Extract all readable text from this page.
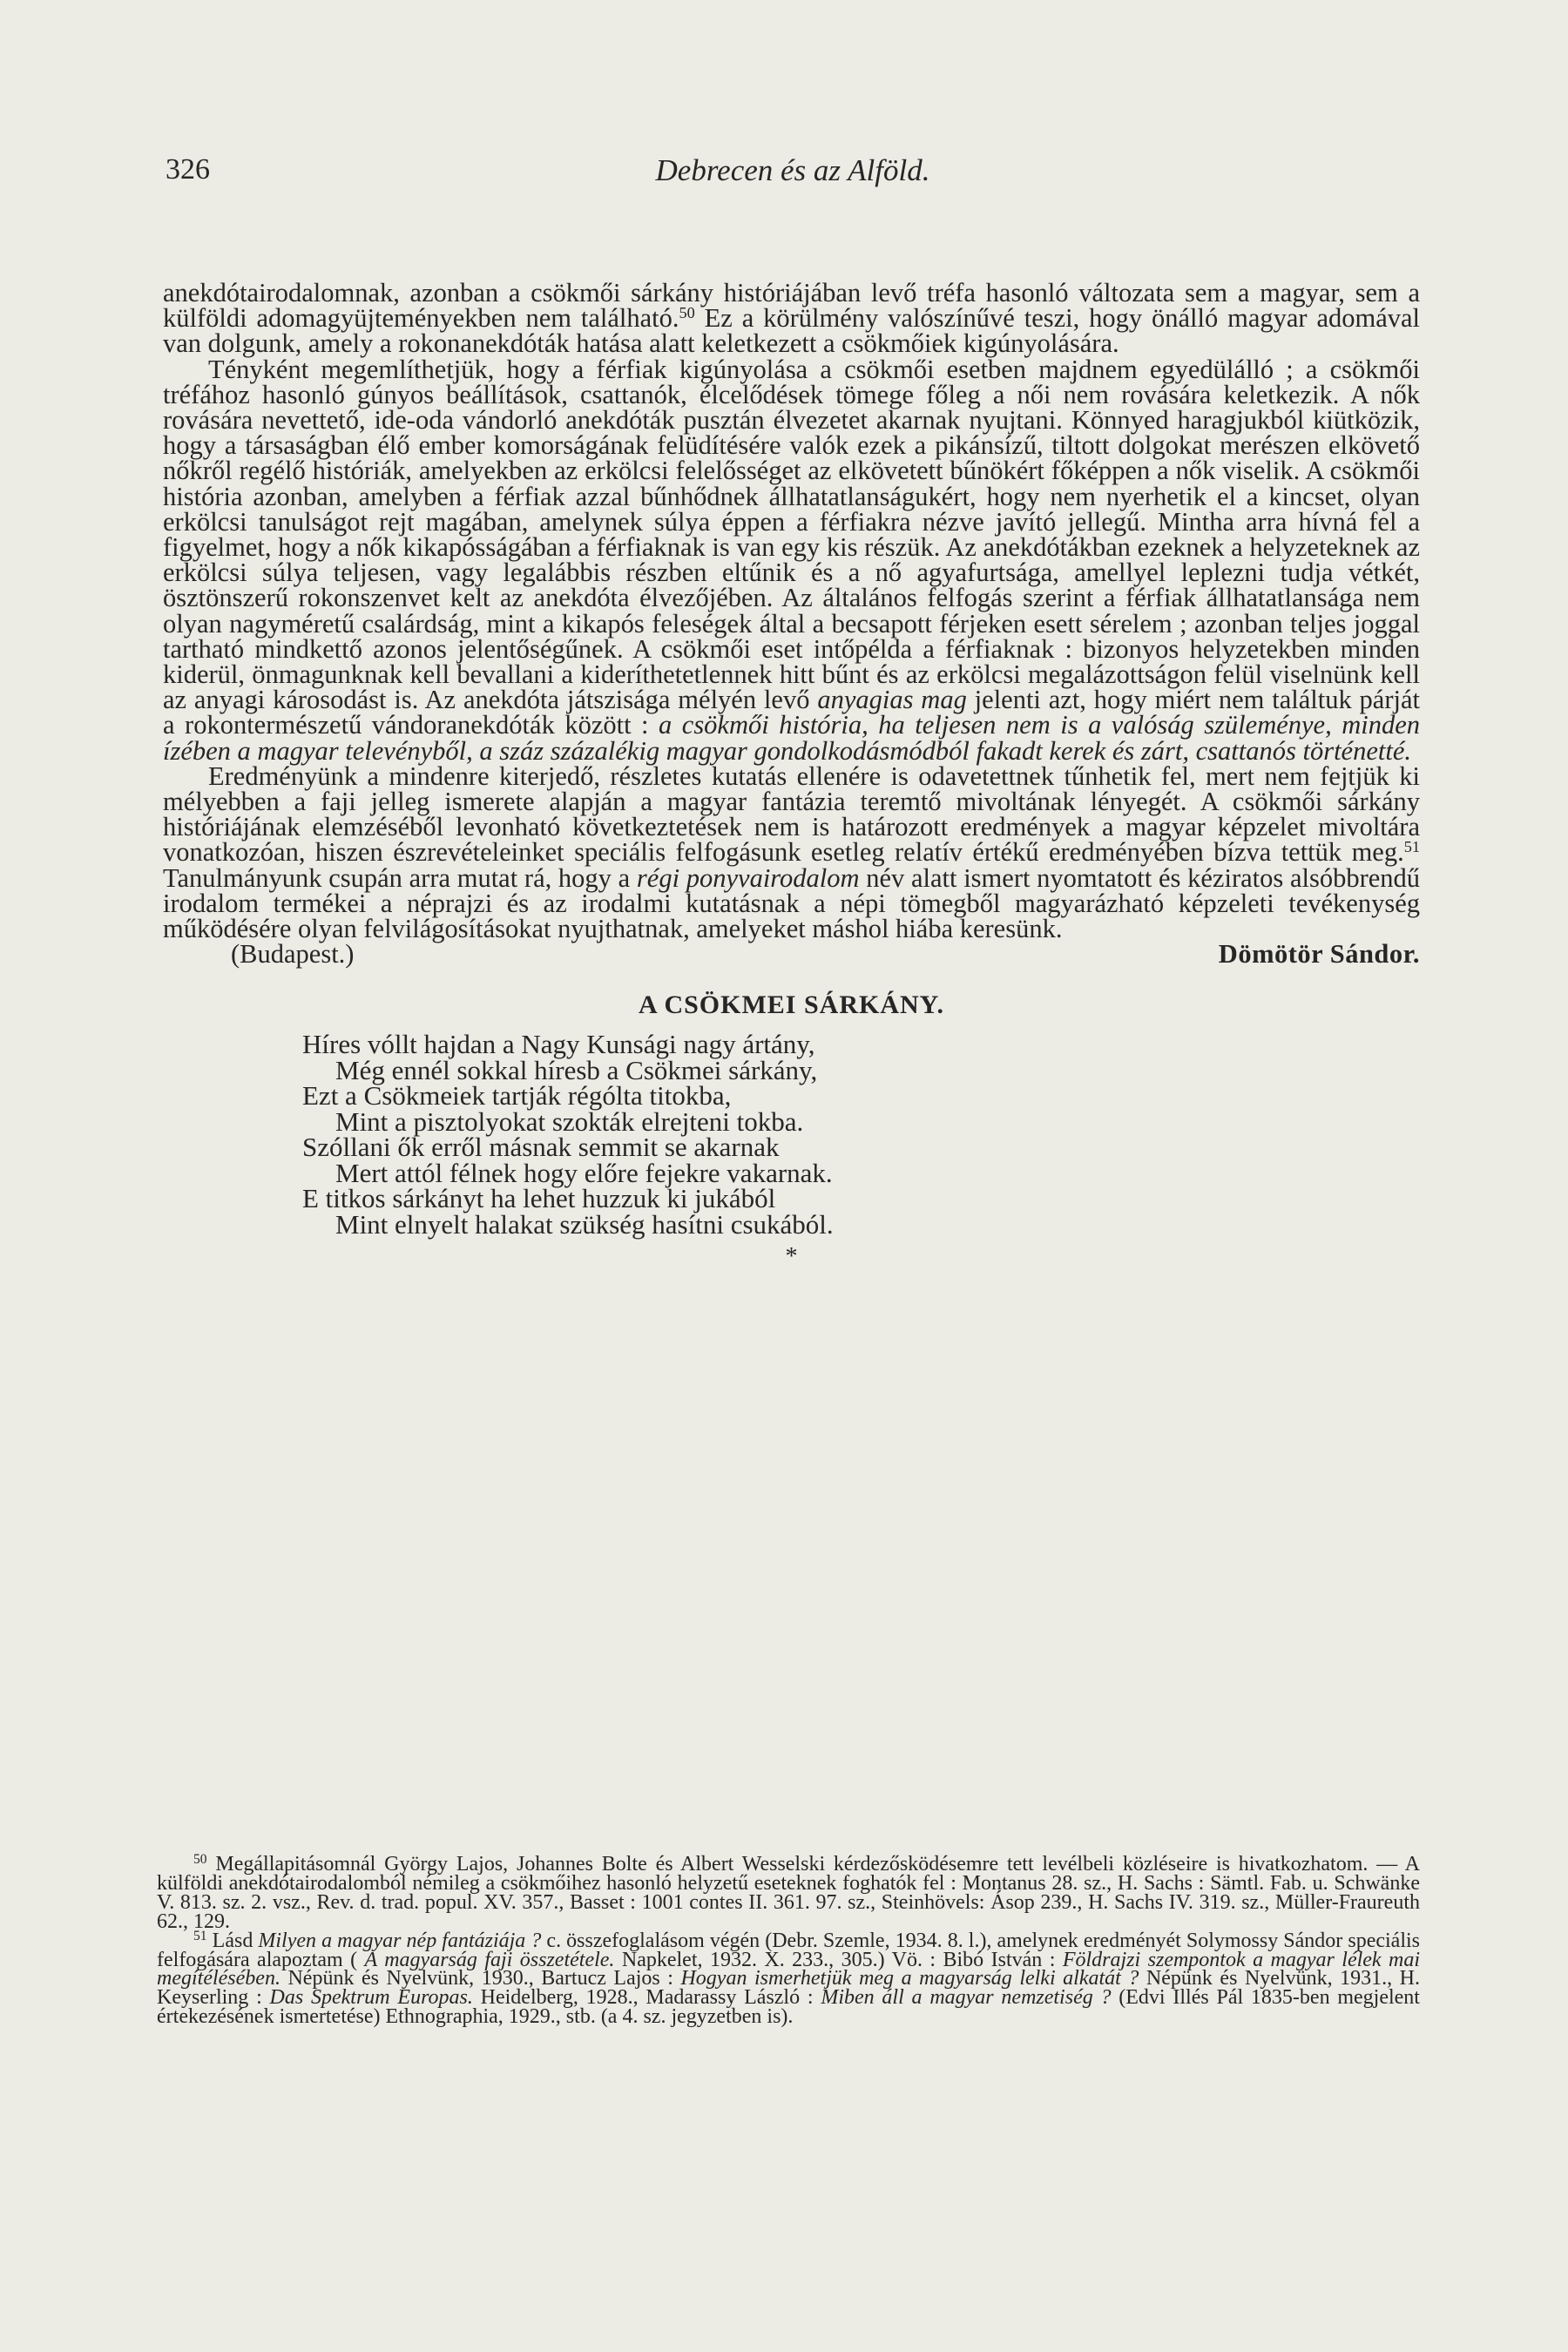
326	Debrecen és az Alföld.

anekdótairodalomnak, azonban a csökmői sárkány históriájában levő tréfa hasonló változata sem a magyar, sem a külföldi adomagyüjteményekben nem található.$^{50}$ Ez a körülmény valószínűvé teszi, hogy önálló magyar adomával van dolgunk, amely a rokonanekdóták hatása alatt keletkezett a csökmőiek kigúnyolására.

Tényként megemlíthetjük, hogy a férfiak kigúnyolása a csökmői esetben majdnem egyedülálló ; a csökmői tréfához hasonló gúnyos beállítások, csattanók, élcelődések tömege főleg a női nem rovására keletkezik. A nők rovására nevettető, ide-oda vándorló anekdóták pusztán élvezetet akarnak nyujtani. Könnyed haragjukból kiütközik, hogy a társaságban élő ember komorságának felüdítésére valók ezek a pikánsízű, tiltott dolgokat merészen elkövető nőkről regélő históriák, amelyekben az erkölcsi felelősséget az elkövetett bűnökért főképpen a nők viselik. A csökmői história azonban, amelyben a férfiak azzal bűnhődnek állhatatlanságukért, hogy nem nyerhetik el a kincset, olyan erkölcsi tanulságot rejt magában, amelynek súlya éppen a férfiakra nézve javító jellegű. Mintha arra hívná fel a figyelmet, hogy a nők kikapósságában a férfiaknak is van egy kis részük. Az anekdótákban ezeknek a helyzeteknek az erkölcsi súlya teljesen, vagy legalábbis részben eltűnik és a nő agyafurtsága, amellyel leplezni tudja vétkét, ösztönszerű rokonszenvet kelt az anekdóta élvezőjében. Az általános felfogás szerint a férfiak állhatatlansága nem olyan nagyméretű csalárdság, mint a kikapós feleségek által a becsapott férjeken esett sérelem ; azonban teljes joggal tartható mindkettő azonos jelentőségűnek. A csökmői eset intőpélda a férfiaknak : bizonyos helyzetekben minden kiderül, önmagunknak kell bevallani a kideríthetetlennek hitt bűnt és az erkölcsi megalázottságon felül viselnünk kell az anyagi károsodást is. Az anekdóta játszisága mélyén levő anyagias mag jelenti azt, hogy miért nem találtuk párját a rokontermészetű vándoranekdóták között : a csökmői história, ha teljesen nem is a valóság szüleménye, minden ízében a magyar televényből, a száz százalékig magyar gondolkodásmódból fakadt kerek és zárt, csattanós történetté.

Eredményünk a mindenre kiterjedő, részletes kutatás ellenére is odavetettnek tűnhetik fel, mert nem fejtjük ki mélyebben a faji jelleg ismerete alapján a magyar fantázia teremtő mivoltának lényegét. A csökmői sárkány históriájának elemzéséből levonható következtetések nem is határozott eredmények a magyar képzelet mivoltára vonatkozóan, hiszen észrevételeinket speciális felfogásunk esetleg relatív értékű eredményében bízva tettük meg.$^{51}$ Tanulmányunk csupán arra mutat rá, hogy a régi ponyvairodalom név alatt ismert nyomtatott és kéziratos alsóbbrendű irodalom termékei a néprajzi és az irodalmi kutatásnak a népi tömegből magyarázható képzeleti tevékenység működésére olyan felvilágosításokat nyujthatnak, amelyeket máshol hiába keresünk.

(Budapest.)	Dömötör Sándor.
A CSÖKMEI SÁRKÁNY.
Híres vóllt hajdan a Nagy Kunsági nagy ártány,
Még ennél sokkal híresb a Csökmei sárkány,
Ezt a Csökmeiek tartják régólta titokba,
Mint a pisztolyokat szokták elrejteni tokba.
Szóllani ők erről másnak semmit se akarnak
Mert attól félnek hogy előre fejekre vakarnak.
E titkos sárkányt ha lehet huzzuk ki jukából
Mint elnyelt halakat szükség hasítni csukából.
*

$^{50}$ Megállapitásomnál György Lajos, Johannes Bolte és Albert Wesselski kérdezősködésemre tett levélbeli közléseire is hivatkozhatom. — A külföldi anekdótairodalomból némileg a csökmőihez hasonló helyzetű eseteknek foghatók fel : Montanus 28. sz., H. Sachs : Sämtl. Fab. u. Schwänke V. 813. sz. 2. vsz., Rev. d. trad. popul. XV. 357., Basset : 1001 contes II. 361. 97. sz., Steinhövels: Ásop 239., H. Sachs IV. 319. sz., Müller-Fraureuth 62., 129.

$^{51}$ Lásd Milyen a magyar nép fantáziája ? c. összefoglalásom végén (Debr. Szemle, 1934. 8. l.), amelynek eredményét Solymossy Sándor speciális felfogására alapoztam ( A magyarság faji összetétele. Napkelet, 1932. X. 233., 305.) Vö. : Bibó István : Földrajzi szempontok a magyar lélek mai megítélésében. Népünk és Nyelvünk, 1930., Bartucz Lajos : Hogyan ismerhetjük meg a magyarság lelki alkatát ? Népünk és Nyelvünk, 1931., H. Keyserling : Das Spektrum Europas. Heidelberg, 1928., Madarassy László : Miben áll a magyar nemzetiség ? (Edvi Illés Pál 1835-ben megjelent értekezésének ismertetése) Ethnographia, 1929., stb. (a 4. sz. jegyzetben is).
